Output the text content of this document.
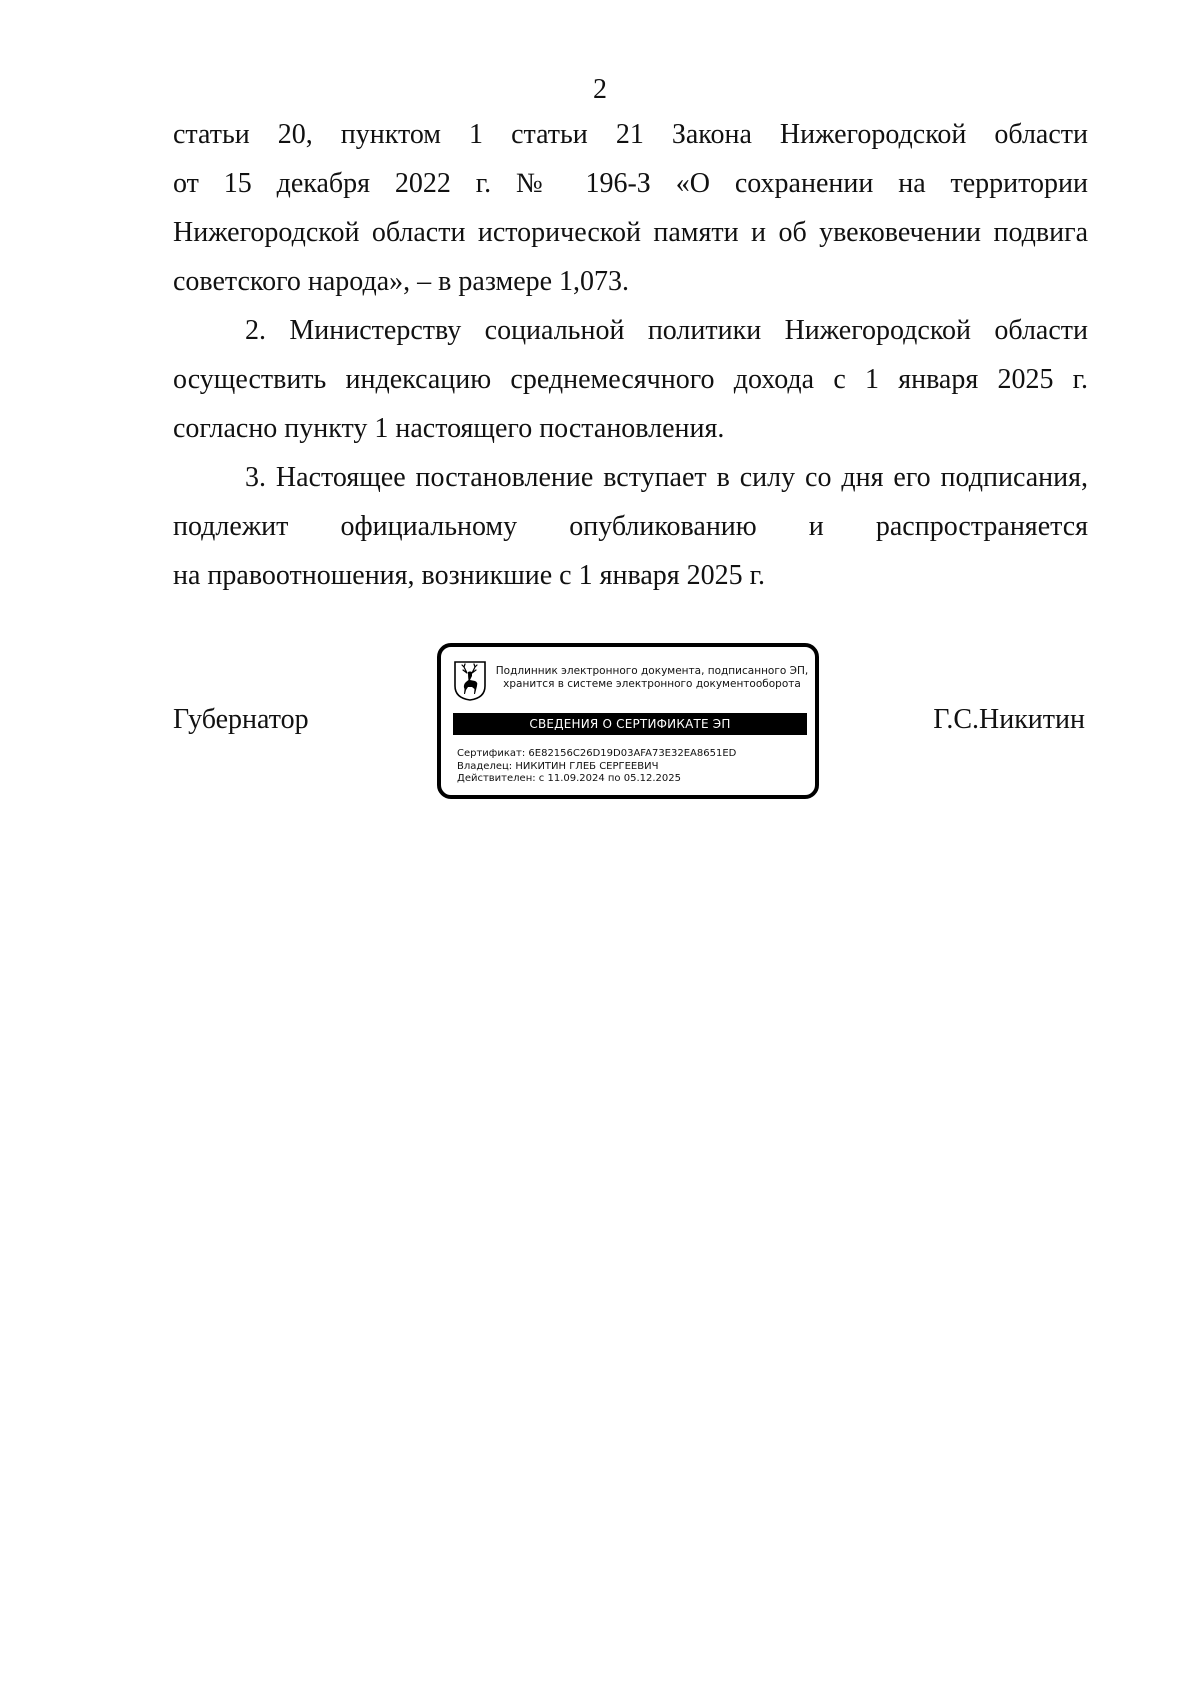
2
статьи 20, пунктом 1 статьи 21 Закона Нижегородской области
от 15 декабря 2022 г. № 196-З «О сохранении на территории
Нижегородской области исторической памяти и об увековечении подвига
советского народа», – в размере 1,073.
2. Министерству социальной политики Нижегородской области
осуществить индексацию среднемесячного дохода с 1 января 2025 г.
согласно пункту 1 настоящего постановления.
3. Настоящее постановление вступает в силу со дня его подписания,
подлежит официальному опубликованию и распространяется
на правоотношения, возникшие с 1 января 2025 г.
Губернатор	Г.С.Никитин
Подлинник электронного документа, подписанного ЭП,
хранится в системе электронного документооборота
СВЕДЕНИЯ О СЕРТИФИКАТЕ ЭП
Сертификат: 6E82156C26D19D03AFA73E32EA8651ED
Владелец: НИКИТИН ГЛЕБ СЕРГЕЕВИЧ
Действителен: с 11.09.2024 по 05.12.2025
